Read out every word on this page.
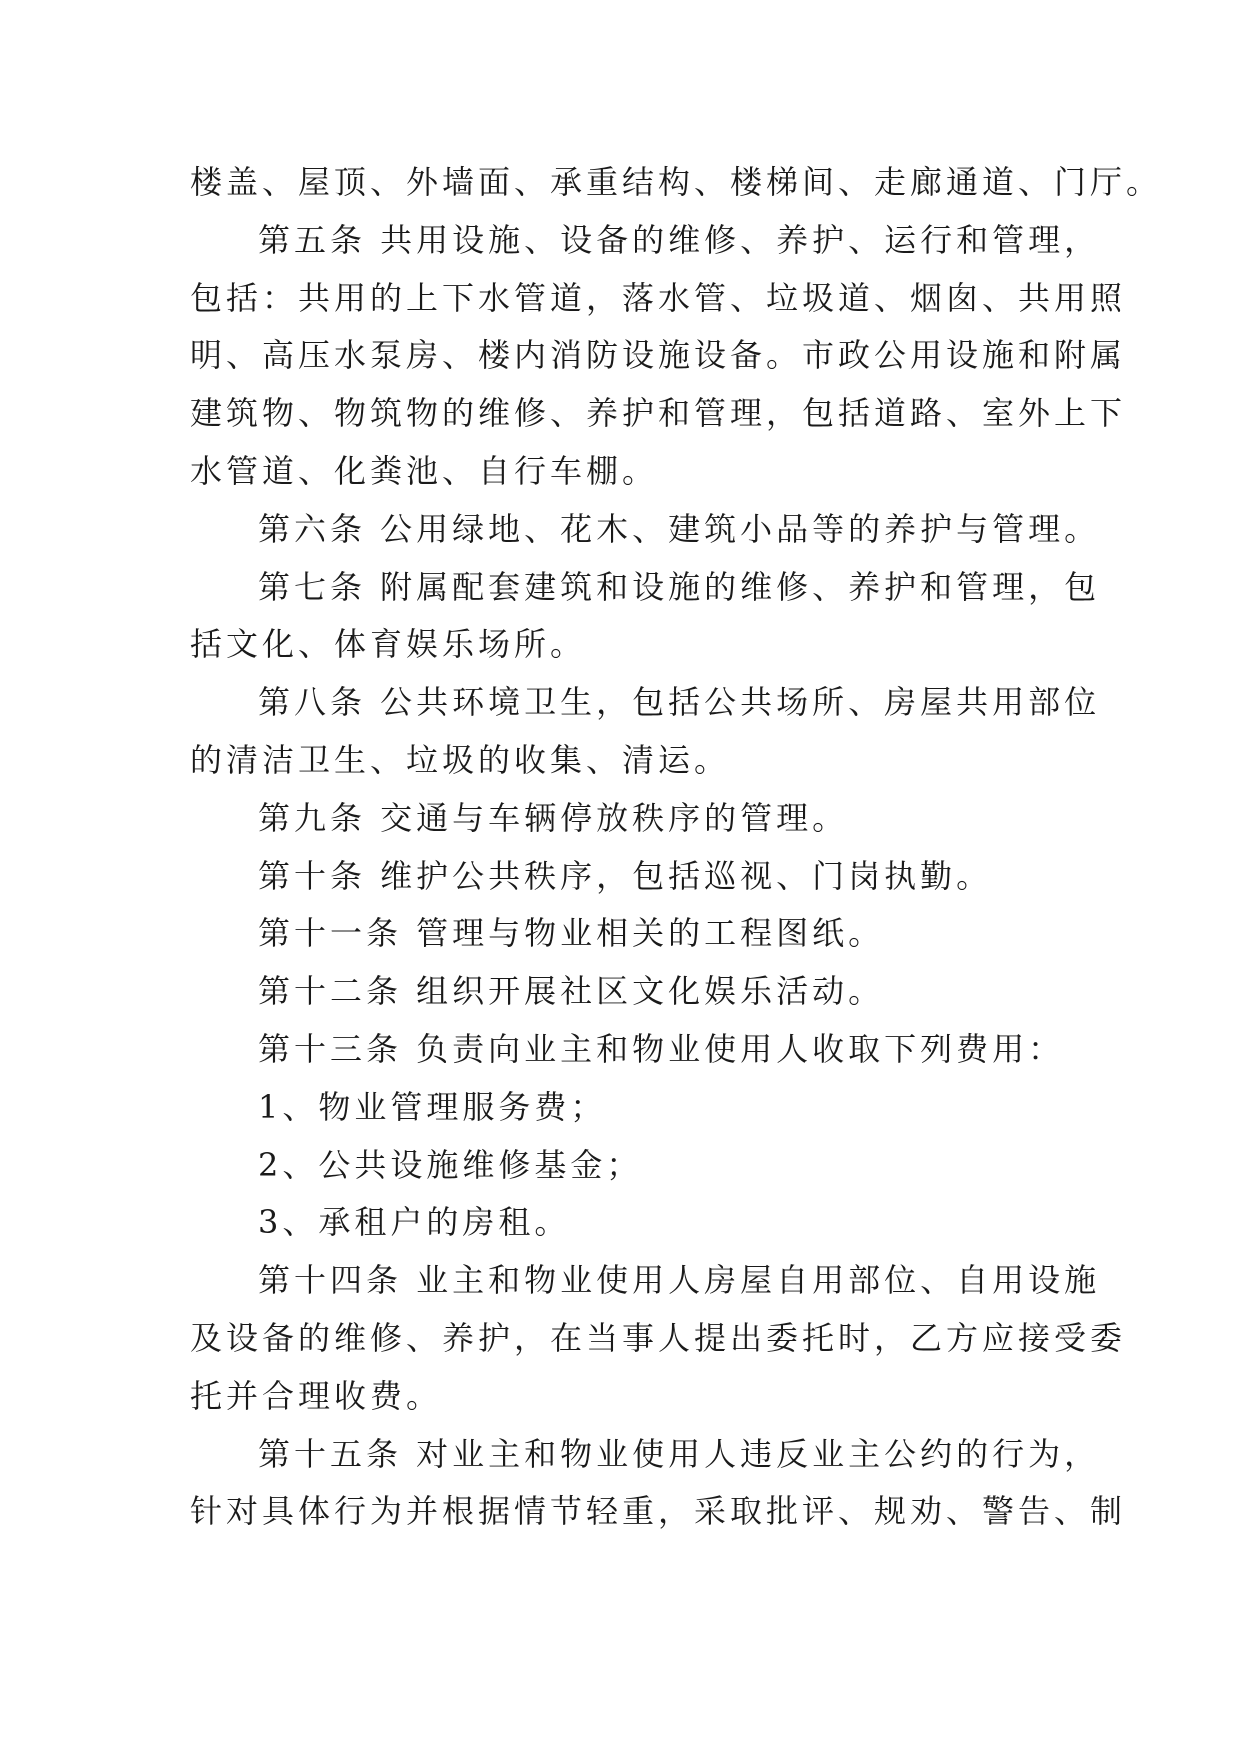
楼盖、屋顶、外墙面、承重结构、楼梯间、走廊通道、门厅。
第五条 共用设施、设备的维修、养护、运行和管理，
包括：共用的上下水管道，落水管、垃圾道、烟囱、共用照
明、高压水泵房、楼内消防设施设备。市政公用设施和附属
建筑物、物筑物的维修、养护和管理，包括道路、室外上下
水管道、化粪池、自行车棚。
第六条 公用绿地、花木、建筑小品等的养护与管理。
第七条 附属配套建筑和设施的维修、养护和管理，包
括文化、体育娱乐场所。
第八条 公共环境卫生，包括公共场所、房屋共用部位
的清洁卫生、垃圾的收集、清运。
第九条 交通与车辆停放秩序的管理。
第十条 维护公共秩序，包括巡视、门岗执勤。
第十一条 管理与物业相关的工程图纸。
第十二条 组织开展社区文化娱乐活动。
第十三条 负责向业主和物业使用人收取下列费用：
1、物业管理服务费；
2、公共设施维修基金；
3、承租户的房租。
第十四条 业主和物业使用人房屋自用部位、自用设施
及设备的维修、养护，在当事人提出委托时，乙方应接受委
托并合理收费。
第十五条 对业主和物业使用人违反业主公约的行为，
针对具体行为并根据情节轻重，采取批评、规劝、警告、制
